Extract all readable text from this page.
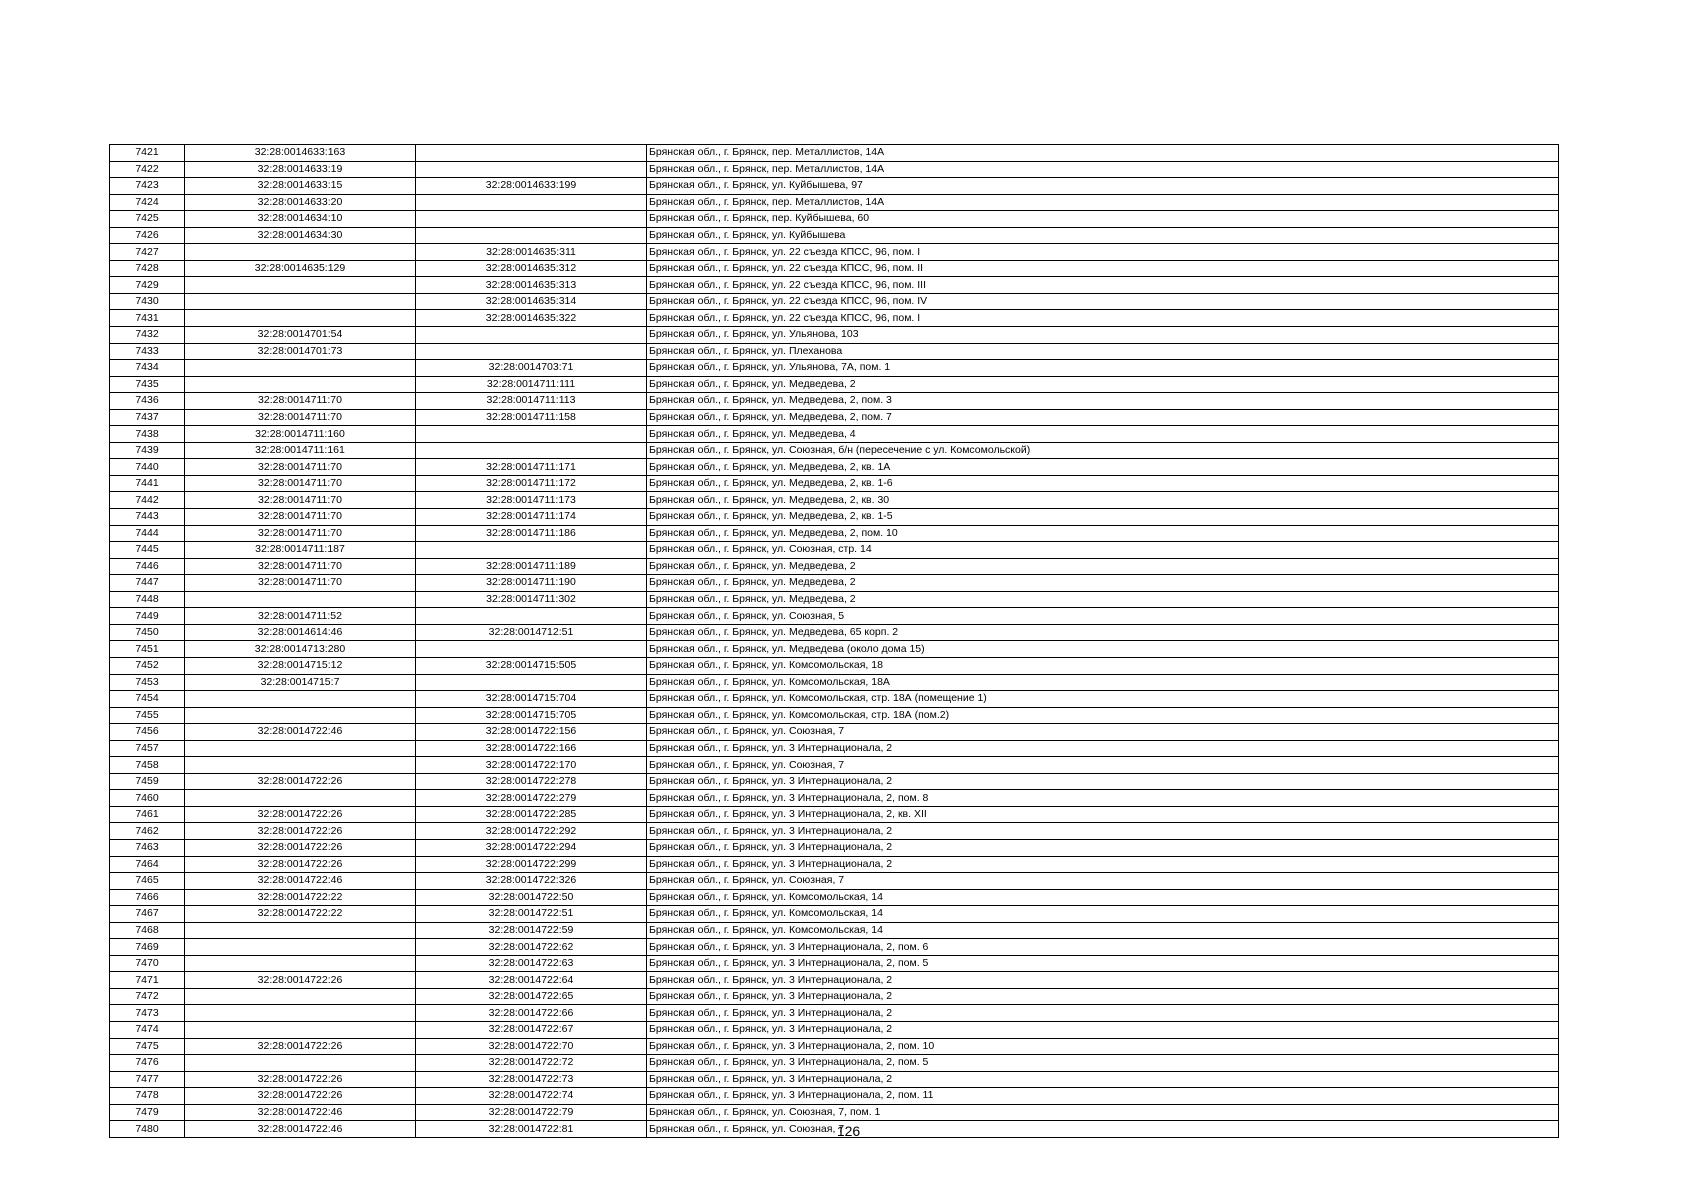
7421	32:28:0014633:163		Брянская обл., г. Брянск, пер. Металлистов, 14А
7422	32:28:0014633:19		Брянская обл., г. Брянск, пер. Металлистов, 14А
7423	32:28:0014633:15	32:28:0014633:199	Брянская обл., г. Брянск, ул. Куйбышева, 97
7424	32:28:0014633:20		Брянская обл., г. Брянск, пер. Металлистов, 14А
7425	32:28:0014634:10		Брянская обл., г. Брянск, пер. Куйбышева, 60
7426	32:28:0014634:30		Брянская обл., г. Брянск, ул. Куйбышева
7427		32:28:0014635:311	Брянская обл., г. Брянск, ул. 22 съезда КПСС, 96, пом. I
7428	32:28:0014635:129	32:28:0014635:312	Брянская обл., г. Брянск, ул. 22 съезда КПСС, 96, пом. II
7429		32:28:0014635:313	Брянская обл., г. Брянск, ул. 22 съезда КПСС, 96, пом. III
7430		32:28:0014635:314	Брянская обл., г. Брянск, ул. 22 съезда КПСС, 96, пом. IV
7431		32:28:0014635:322	Брянская обл., г. Брянск, ул. 22 съезда КПСС, 96, пом. I
7432	32:28:0014701:54		Брянская обл., г. Брянск, ул. Ульянова, 103
7433	32:28:0014701:73		Брянская обл., г. Брянск, ул. Плеханова
7434		32:28:0014703:71	Брянская обл., г. Брянск, ул. Ульянова, 7А, пом. 1
7435		32:28:0014711:111	Брянская обл., г. Брянск, ул. Медведева, 2
7436	32:28:0014711:70	32:28:0014711:113	Брянская обл., г. Брянск, ул. Медведева, 2, пом. 3
7437	32:28:0014711:70	32:28:0014711:158	Брянская обл., г. Брянск, ул. Медведева, 2, пом. 7
7438	32:28:0014711:160		Брянская обл., г. Брянск, ул. Медведева, 4
7439	32:28:0014711:161		Брянская обл., г. Брянск, ул. Союзная, б/н (пересечение с ул. Комсомольской)
7440	32:28:0014711:70	32:28:0014711:171	Брянская обл., г. Брянск, ул. Медведева, 2, кв. 1А
7441	32:28:0014711:70	32:28:0014711:172	Брянская обл., г. Брянск, ул. Медведева, 2, кв. 1-6
7442	32:28:0014711:70	32:28:0014711:173	Брянская обл., г. Брянск, ул. Медведева, 2, кв. 30
7443	32:28:0014711:70	32:28:0014711:174	Брянская обл., г. Брянск, ул. Медведева, 2, кв. 1-5
7444	32:28:0014711:70	32:28:0014711:186	Брянская обл., г. Брянск, ул. Медведева, 2, пом. 10
7445	32:28:0014711:187		Брянская обл., г. Брянск, ул. Союзная, стр. 14
7446	32:28:0014711:70	32:28:0014711:189	Брянская обл., г. Брянск, ул. Медведева, 2
7447	32:28:0014711:70	32:28:0014711:190	Брянская обл., г. Брянск, ул. Медведева, 2
7448		32:28:0014711:302	Брянская обл., г. Брянск, ул. Медведева, 2
7449	32:28:0014711:52		Брянская обл., г. Брянск, ул. Союзная, 5
7450	32:28:0014614:46	32:28:0014712:51	Брянская обл., г. Брянск, ул. Медведева, 65 корп. 2
7451	32:28:0014713:280		Брянская обл., г. Брянск, ул. Медведева (около дома 15)
7452	32:28:0014715:12	32:28:0014715:505	Брянская обл., г. Брянск, ул. Комсомольская, 18
7453	32:28:0014715:7		Брянская обл., г. Брянск, ул. Комсомольская, 18А
7454		32:28:0014715:704	Брянская обл., г. Брянск, ул. Комсомольская, стр. 18А (помещение 1)
7455		32:28:0014715:705	Брянская обл., г. Брянск, ул. Комсомольская, стр. 18А (пом.2)
7456	32:28:0014722:46	32:28:0014722:156	Брянская обл., г. Брянск, ул. Союзная, 7
7457		32:28:0014722:166	Брянская обл., г. Брянск, ул. 3 Интернационала, 2
7458		32:28:0014722:170	Брянская обл., г. Брянск, ул. Союзная, 7
7459	32:28:0014722:26	32:28:0014722:278	Брянская обл., г. Брянск, ул. 3 Интернационала, 2
7460		32:28:0014722:279	Брянская обл., г. Брянск, ул. 3 Интернационала, 2, пом. 8
7461	32:28:0014722:26	32:28:0014722:285	Брянская обл., г. Брянск, ул. 3 Интернационала, 2, кв. XII
7462	32:28:0014722:26	32:28:0014722:292	Брянская обл., г. Брянск, ул. 3 Интернационала, 2
7463	32:28:0014722:26	32:28:0014722:294	Брянская обл., г. Брянск, ул. 3 Интернационала, 2
7464	32:28:0014722:26	32:28:0014722:299	Брянская обл., г. Брянск, ул. 3 Интернационала, 2
7465	32:28:0014722:46	32:28:0014722:326	Брянская обл., г. Брянск, ул. Союзная, 7
7466	32:28:0014722:22	32:28:0014722:50	Брянская обл., г. Брянск, ул. Комсомольская, 14
7467	32:28:0014722:22	32:28:0014722:51	Брянская обл., г. Брянск, ул. Комсомольская, 14
7468		32:28:0014722:59	Брянская обл., г. Брянск, ул. Комсомольская, 14
7469		32:28:0014722:62	Брянская обл., г. Брянск, ул. 3 Интернационала, 2, пом. 6
7470		32:28:0014722:63	Брянская обл., г. Брянск, ул. 3 Интернационала, 2, пом. 5
7471	32:28:0014722:26	32:28:0014722:64	Брянская обл., г. Брянск, ул. 3 Интернационала, 2
7472		32:28:0014722:65	Брянская обл., г. Брянск, ул. 3 Интернационала, 2
7473		32:28:0014722:66	Брянская обл., г. Брянск, ул. 3 Интернационала, 2
7474		32:28:0014722:67	Брянская обл., г. Брянск, ул. 3 Интернационала, 2
7475	32:28:0014722:26	32:28:0014722:70	Брянская обл., г. Брянск, ул. 3 Интернационала, 2, пом. 10
7476		32:28:0014722:72	Брянская обл., г. Брянск, ул. 3 Интернационала, 2, пом. 5
7477	32:28:0014722:26	32:28:0014722:73	Брянская обл., г. Брянск, ул. 3 Интернационала, 2
7478	32:28:0014722:26	32:28:0014722:74	Брянская обл., г. Брянск, ул. 3 Интернационала, 2, пом. 11
7479	32:28:0014722:46	32:28:0014722:79	Брянская обл., г. Брянск, ул. Союзная, 7, пом. 1
7480	32:28:0014722:46	32:28:0014722:81	Брянская обл., г. Брянск, ул. Союзная, 7
126
